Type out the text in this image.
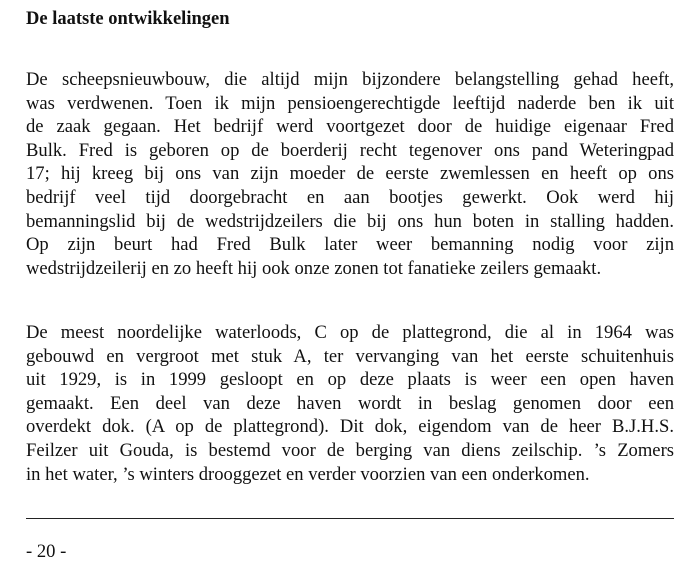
De laatste ontwikkelingen
De scheepsnieuwbouw, die altijd mijn bijzondere belangstelling gehad heeft,
was verdwenen. Toen ik mijn pensioengerechtigde leeftijd naderde ben ik uit
de zaak gegaan. Het bedrijf werd voortgezet door de huidige eigenaar Fred
Bulk. Fred is geboren op de boerderij recht tegenover ons pand Weteringpad
17; hij kreeg bij ons van zijn moeder de eerste zwemlessen en heeft op ons
bedrijf veel tijd doorgebracht en aan bootjes gewerkt. Ook werd hij
bemanningslid bij de wedstrijdzeilers die bij ons hun boten in stalling hadden.
Op zijn beurt had Fred Bulk later weer bemanning nodig voor zijn
wedstrijdzeilerij en zo heeft hij ook onze zonen tot fanatieke zeilers gemaakt.
De meest noordelijke waterloods, C op de plattegrond, die al in 1964 was
gebouwd en vergroot met stuk A, ter vervanging van het eerste schuitenhuis
uit 1929, is in 1999 gesloopt en op deze plaats is weer een open haven
gemaakt. Een deel van deze haven wordt in beslag genomen door een
overdekt dok. (A op de plattegrond). Dit dok, eigendom van de heer B.J.H.S.
Feilzer uit Gouda, is bestemd voor de berging van diens zeilschip. ’s Zomers
in het water, ’s winters drooggezet en verder voorzien van een onderkomen.
- 20 -
